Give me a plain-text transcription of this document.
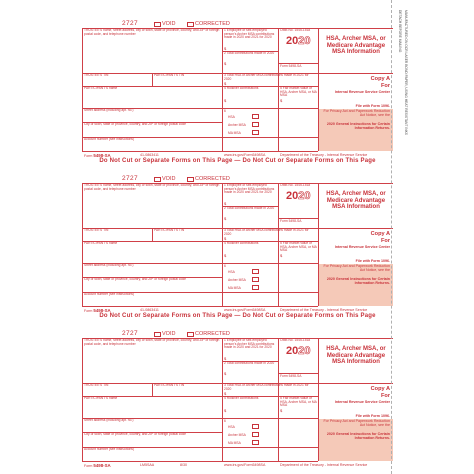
2727	VOID	CORRECTED
TRUSTEE'S name, street address, city or town, state or province, country, and ZIP or foreign postal code, and telephone number
TRUSTEE'S TIN	PARTICIPANT'S TIN
PARTICIPANT'S name
Street address (including apt. no.)
City or town, state or province, country, and ZIP or foreign postal code
Account number (see instructions)
1 Employee or self-employed person's Archer MSA contributions made in 2020 and 2021 for 2020
$
2 Total contributions made in 2020
$
3 Total HSA or Archer MSA contributions made in 2021 for 2020
$
4 Rollover contributions
$
5 Fair market value of HSA, Archer MSA, or MA MSA
$
6
HSA
Archer MSA
MA MSA
OMB No. 1545-1518
2020
Form 5498-SA
HSA, Archer MSA, or Medicare Advantage MSA Information
Copy A
For
Internal Revenue Service Center
File with Form 1096.
For Privacy Act and Paperwork Reduction Act Notice, see the
2020 General Instructions for Certain Information Returns.
Form 5498-SA	41-0863411	www.irs.gov/Form5498SA	Department of the Treasury - Internal Revenue Service
Do Not Cut or Separate Forms on This Page — Do Not Cut or Separate Forms on This Page
2727	VOID	CORRECTED
TRUSTEE'S name, street address, city or town, state or province, country, and ZIP or foreign postal code, and telephone number
TRUSTEE'S TIN	PARTICIPANT'S TIN
PARTICIPANT'S name
Street address (including apt. no.)
City or town, state or province, country, and ZIP or foreign postal code
Account number (see instructions)
1 Employee or self-employed person's Archer MSA contributions made in 2020 and 2021 for 2020
$
2 Total contributions made in 2020
$
3 Total HSA or Archer MSA contributions made in 2021 for 2020
$
4 Rollover contributions
$
5 Fair market value of HSA, Archer MSA, or MA MSA
$
6
HSA
Archer MSA
MA MSA
OMB No. 1545-1518
2020
Form 5498-SA
HSA, Archer MSA, or Medicare Advantage MSA Information
Copy A
For
Internal Revenue Service Center
File with Form 1096.
For Privacy Act and Paperwork Reduction Act Notice, see the
2020 General Instructions for Certain Information Returns.
Form 5498-SA	41-0863411	www.irs.gov/Form5498SA	Department of the Treasury - Internal Revenue Service
Do Not Cut or Separate Forms on This Page — Do Not Cut or Separate Forms on This Page
2727	VOID	CORRECTED
TRUSTEE'S name, street address, city or town, state or province, country, and ZIP or foreign postal code, and telephone number
TRUSTEE'S TIN	PARTICIPANT'S TIN
PARTICIPANT'S name
Street address (including apt. no.)
City or town, state or province, country, and ZIP or foreign postal code
Account number (see instructions)
1 Employee or self-employed person's Archer MSA contributions made in 2020 and 2021 for 2020
$
2 Total contributions made in 2020
$
3 Total HSA or Archer MSA contributions made in 2021 for 2020
$
4 Rollover contributions
$
5 Fair market value of HSA, Archer MSA, or MA MSA
$
6
HSA
Archer MSA
MA MSA
OMB No. 1545-1518
2020
Form 5498-SA
HSA, Archer MSA, or Medicare Advantage MSA Information
Copy A
For
Internal Revenue Service Center
File with Form 1096.
For Privacy Act and Paperwork Reduction Act Notice, see the
2020 General Instructions for Certain Information Returns.
Form 5498-SA	LM5SAA	8/30	www.irs.gov/Form5498SA	Department of the Treasury - Internal Revenue Service
DETACH BEFORE MAILING MANUFACTURED ON OCR LASER BOND PAPER, USING HEAT RESISTANT INKS
